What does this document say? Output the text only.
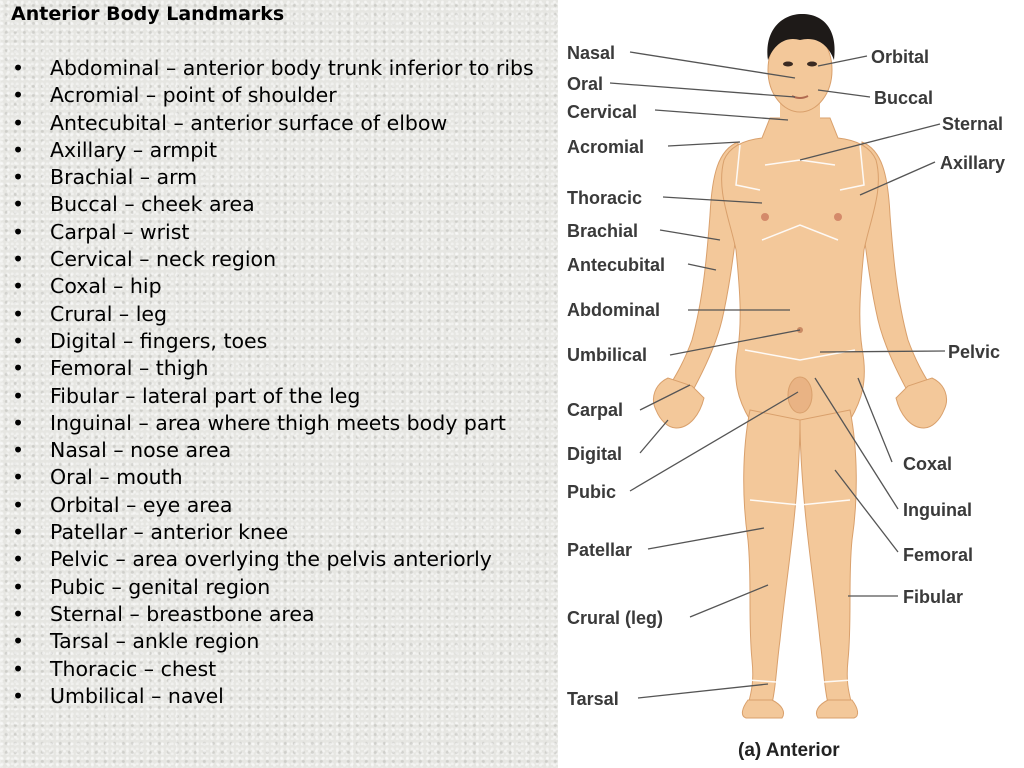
Anterior Body Landmarks
• Abdominal – anterior body trunk inferior to ribs
• Acromial – point of shoulder
• Antecubital – anterior surface of elbow
• Axillary – armpit
• Brachial – arm
• Buccal – cheek area
• Carpal – wrist
• Cervical – neck region
• Coxal – hip
• Crural – leg
• Digital – fingers, toes
• Femoral – thigh
• Fibular – lateral part of the leg
• Inguinal – area where thigh meets body part
• Nasal – nose area
• Oral – mouth
• Orbital – eye area
• Patellar – anterior knee
• Pelvic – area overlying the pelvis anteriorly
• Pubic – genital region
• Sternal – breastbone area
• Tarsal – ankle region
• Thoracic – chest
• Umbilical – navel
Nasal
Oral
Cervical
Acromial
Thoracic
Brachial
Antecubital
Abdominal
Umbilical
Carpal
Digital
Pubic
Patellar
Crural (leg)
Tarsal
Orbital
Buccal
Sternal
Axillary
Pelvic
Coxal
Inguinal
Femoral
Fibular
(a) Anterior
